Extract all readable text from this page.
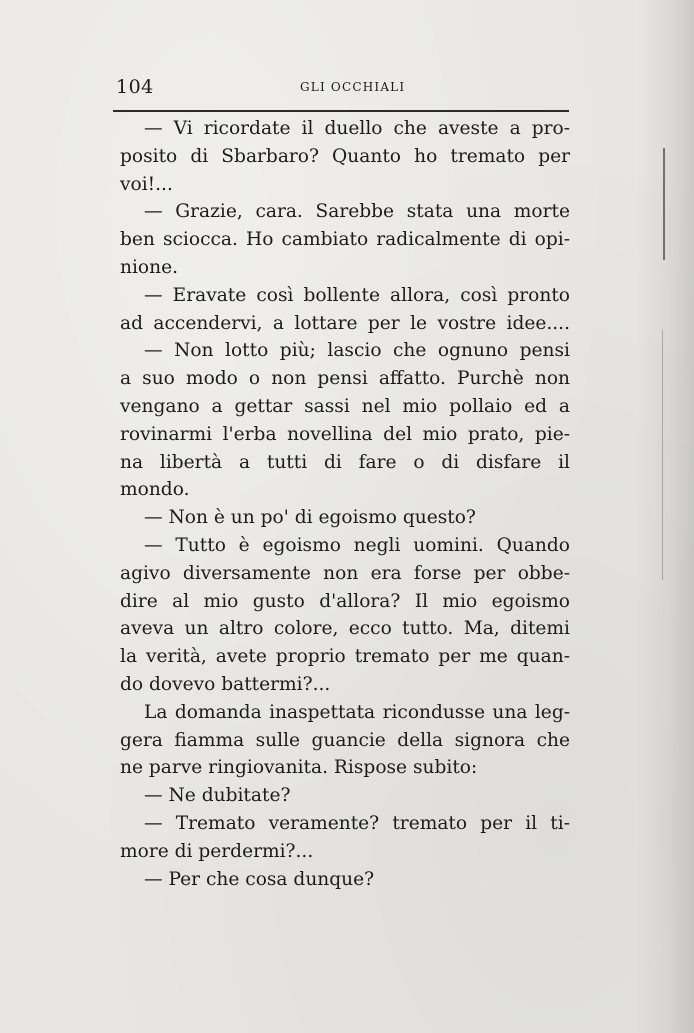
104	GLI OCCHIALI
— Vi ricordate il duello che aveste a pro-
posito di Sbarbaro? Quanto ho tremato per
voi!...
— Grazie, cara. Sarebbe stata una morte
ben sciocca. Ho cambiato radicalmente di opi-
nione.
— Eravate così bollente allora, così pronto
ad accendervi, a lottare per le vostre idee....
— Non lotto più; lascio che ognuno pensi
a suo modo o non pensi affatto. Purchè non
vengano a gettar sassi nel mio pollaio ed a
rovinarmi l'erba novellina del mio prato, pie-
na libertà a tutti di fare o di disfare il
mondo.
— Non è un po' di egoismo questo?
— Tutto è egoismo negli uomini. Quando
agivo diversamente non era forse per obbe-
dire al mio gusto d'allora? Il mio egoismo
aveva un altro colore, ecco tutto. Ma, ditemi
la verità, avete proprio tremato per me quan-
do dovevo battermi?...
La domanda inaspettata ricondusse una leg-
gera fiamma sulle guancie della signora che
ne parve ringiovanita. Rispose subito:
— Ne dubitate?
— Tremato veramente? tremato per il ti-
more di perdermi?...
— Per che cosa dunque?
